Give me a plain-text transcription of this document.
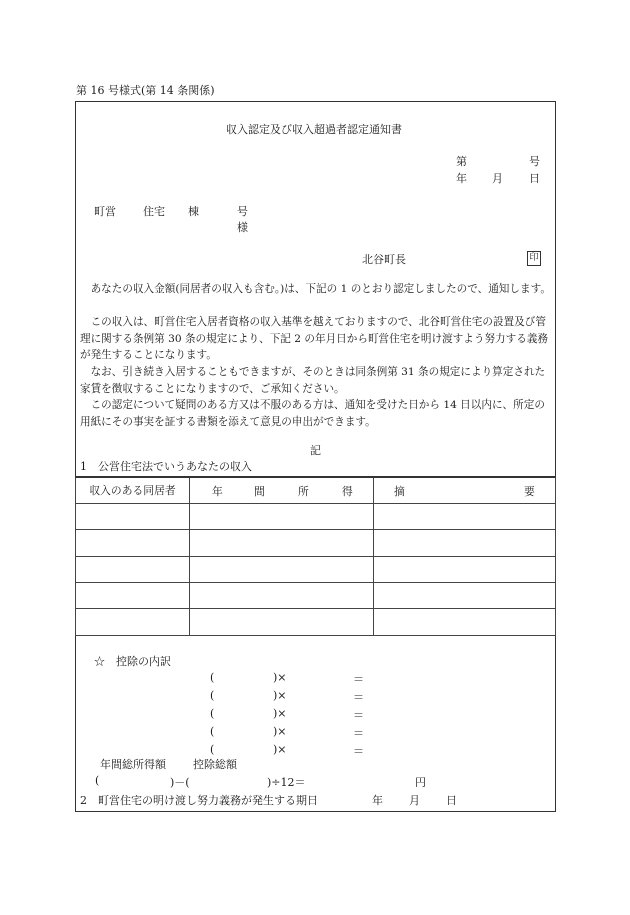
第 16 号様式(第 14 条関係)
収入認定及び収入超過者認定通知書
第	号
年 月 日
町営 住宅 棟	号
様
北谷町長	印
　あなたの収入金額(同居者の収入も含む。)は、下記の 1 のとおり認定しましたので、通知します。
　この収入は、町営住宅入居者資格の収入基準を越えておりますので、北谷町営住宅の設置及び管理に関する条例第 30 条の規定により、下記 2 の年月日から町営住宅を明け渡すよう努力する義務が発生することになります。
　なお、引き続き入居することもできますが、そのときは同条例第 31 条の規定により算定された家賃を徴収することになりますので、ご承知ください。
　この認定について疑問のある方又は不服のある方は、通知を受けた日から 14 日以内に、所定の用紙にその事実を証する書類を添えて意見の申出ができます。
記
1　公営住宅法でいうあなたの収入
収入のある同居者	年 間 所 得	摘 要

☆　控除の内訳
(	)×	＝
(	)×	＝
(	)×	＝
(	)×	＝
(	)×	＝
年間総所得額 控除総額
(	)－(	)÷12＝	円
2　町営住宅の明け渡し努力義務が発生する期日	年 月 日
